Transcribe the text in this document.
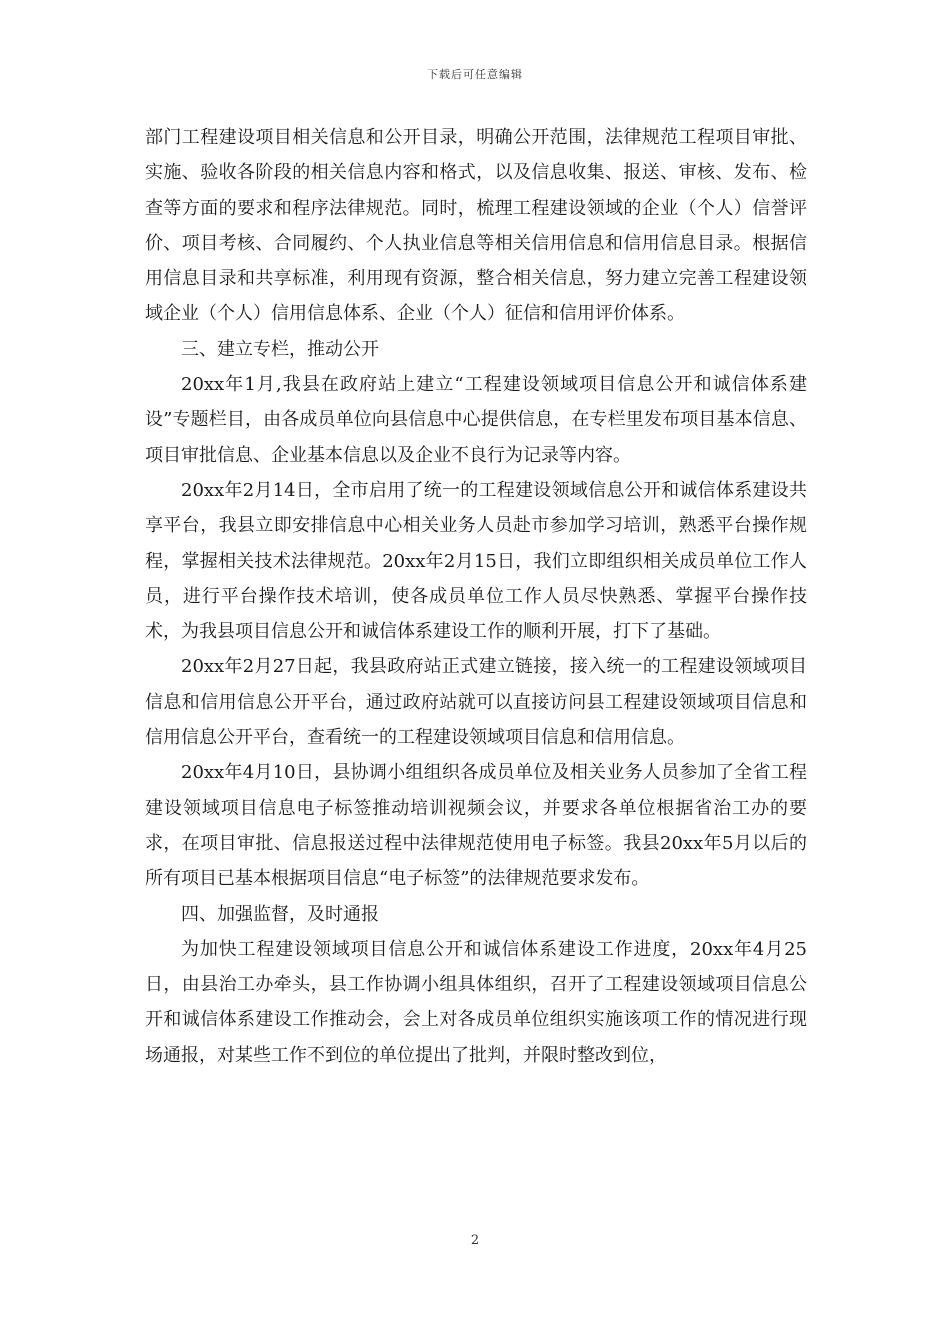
下载后可任意编辑

部门工程建设项目相关信息和公开目录，明确公开范围，法律规范工程项目审批、实施、验收各阶段的相关信息内容和格式，以及信息收集、报送、审核、发布、检查等方面的要求和程序法律规范。同时，梳理工程建设领域的企业（个人）信誉评价、项目考核、合同履约、个人执业信息等相关信用信息和信用信息目录。根据信用信息目录和共享标准，利用现有资源，整合相关信息，努力建立完善工程建设领域企业（个人）信用信息体系、企业（个人）征信和信用评价体系。

三、建立专栏，推动公开

20xx年1月,我县在政府站上建立“工程建设领域项目信息公开和诚信体系建设”专题栏目，由各成员单位向县信息中心提供信息，在专栏里发布项目基本信息、项目审批信息、企业基本信息以及企业不良行为记录等内容。

20xx年2月14日，全市启用了统一的工程建设领域信息公开和诚信体系建设共享平台，我县立即安排信息中心相关业务人员赴市参加学习培训，熟悉平台操作规程，掌握相关技术法律规范。20xx年2月15日，我们立即组织相关成员单位工作人员，进行平台操作技术培训，使各成员单位工作人员尽快熟悉、掌握平台操作技术，为我县项目信息公开和诚信体系建设工作的顺利开展，打下了基础。

20xx年2月27日起，我县政府站正式建立链接，接入统一的工程建设领域项目信息和信用信息公开平台，通过政府站就可以直接访问县工程建设领域项目信息和信用信息公开平台，查看统一的工程建设领域项目信息和信用信息。

20xx年4月10日，县协调小组组织各成员单位及相关业务人员参加了全省工程建设领域项目信息电子标签推动培训视频会议，并要求各单位根据省治工办的要求，在项目审批、信息报送过程中法律规范使用电子标签。我县20xx年5月以后的所有项目已基本根据项目信息“电子标签”的法律规范要求发布。

四、加强监督，及时通报

为加快工程建设领域项目信息公开和诚信体系建设工作进度，20xx年4月25日，由县治工办牵头，县工作协调小组具体组织，召开了工程建设领域项目信息公开和诚信体系建设工作推动会，会上对各成员单位组织实施该项工作的情况进行现场通报，对某些工作不到位的单位提出了批判，并限时整改到位，

2
